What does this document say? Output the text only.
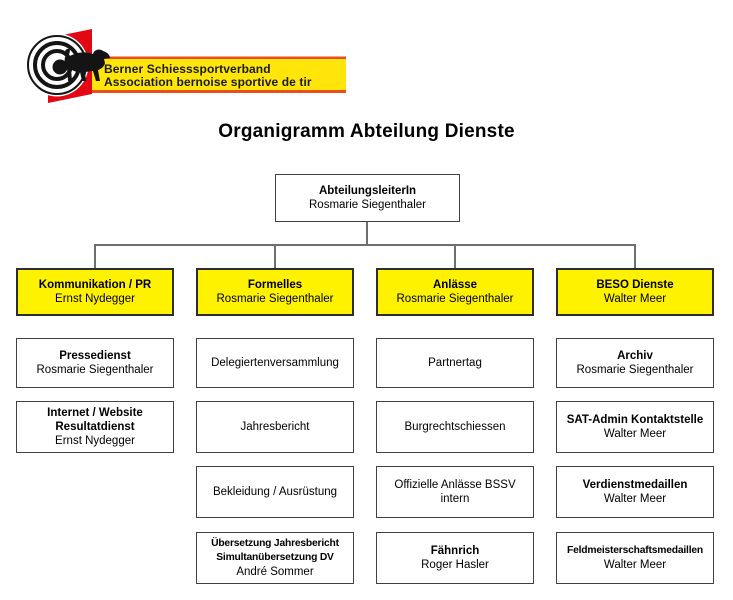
Berner Schiesssportverband
Association bernoise sportive de tir
Organigramm Abteilung Dienste
AbteilungsleiterIn
Rosmarie Siegenthaler
Kommunikation / PR
Ernst Nydegger
Pressedienst
Rosmarie Siegenthaler
Internet / Website
Resultatdienst
Ernst Nydegger
Formelles
Rosmarie Siegenthaler
Delegiertenversammlung
Jahresbericht
Bekleidung / Ausrüstung
Übersetzung Jahresbericht
Simultanübersetzung DV
André Sommer
Anlässe
Rosmarie Siegenthaler
Partnertag
Burgrechtschiessen
Offizielle Anlässe BSSV
intern
Fähnrich
Roger Hasler
BESO Dienste
Walter Meer
Archiv
Rosmarie Siegenthaler
SAT-Admin Kontaktstelle
Walter Meer
Verdienstmedaillen
Walter Meer
Feldmeisterschaftsmedaillen
Walter Meer
